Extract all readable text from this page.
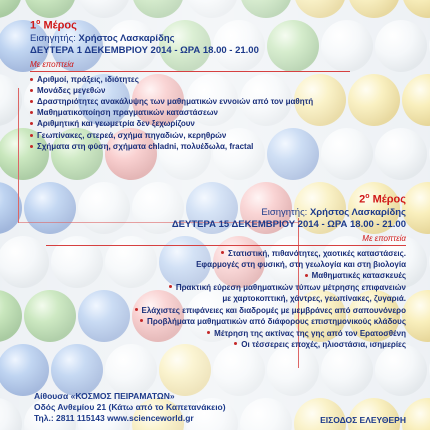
$1^o$ Μέρος
Εισηγητής: Χρήστος Λασκαρίδης
ΔΕΥΤΕΡΑ 1 ΔΕΚΕΜΒΡΙΟΥ 2014 - ΩΡΑ 18.00 - 21.00
Με εποπτεία
Αριθμοί, πράξεις, ιδιότητες
Μονάδες μεγεθών
Δραστηριότητες ανακάλυψης των μαθηματικών εννοιών από τον μαθητή
Μαθηματικοποίηση πραγματικών καταστάσεων
Αριθμητική και γεωμετρία δεν ξεχωρίζουν
Γεωπίνακες, στερεά, σχήμα πηγαδιών, κερηθρών
Σχήματα στη φύση, σχήματα chladni, πολυέδωλα, fractal
$2^o$ Μέρος
Εισηγητής: Χρήστος Λασκαρίδης
ΔΕΥΤΕΡΑ 15 ΔΕΚΕΜΒΡΙΟΥ 2014 - ΩΡΑ 18.00 - 21.00
Με εποπτεία
Στατιστική, πιθανότητες, χαοτικές καταστάσεις.
Εφαρμογές στη φυσική, στη γεωλογία και στη βιολογία
Μαθηματικές κατασκευές
Πρακτική εύρεση μαθηματικών τύπων μέτρησης επιφανειών
με χαρτοκοπτική, χάντρες, γεωπίνακες, ζυγαριά.
Ελάχιστες επιφάνειες και διαδρομές με μεμβράνες από σαπουνόνερο
Προβλήματα μαθηματικών από διάφορους επιστημονικούς κλάδους
Μέτρηση της ακτίνας της γης από τον Ερατοσθένη
Οι τέσσερεις εποχές, ηλιοστάσια, ισημερίες
Αίθουσα «ΚΟΣΜΟΣ ΠΕΙΡΑΜΑΤΩΝ»
Οδός Ανθεμίου 21 (Κάτω από το Καπετανάκειο)
Τηλ.: 2811 115143 www.scienceworld.gr	ΕΙΣΟΔΟΣ ΕΛΕΥΘΕΡΗ
